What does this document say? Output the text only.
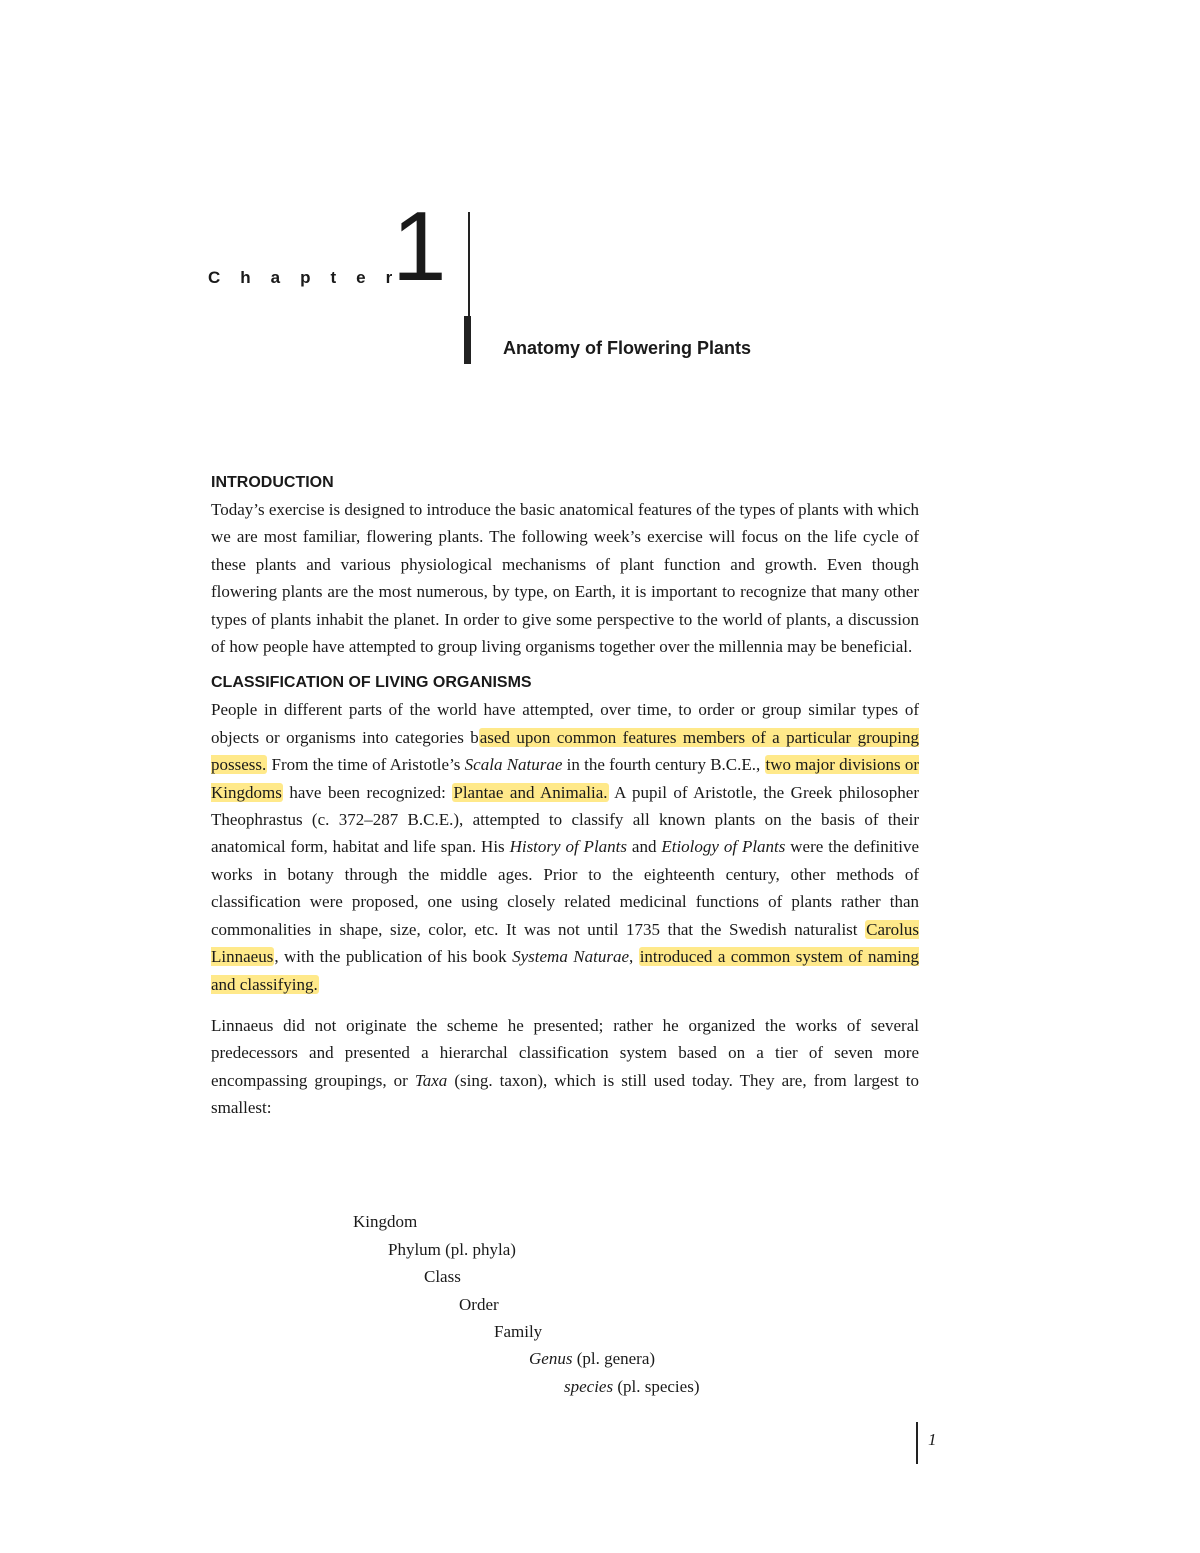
Chapter
1
Anatomy of Flowering Plants
INTRODUCTION

Today’s exercise is designed to introduce the basic anatomical features of the types of plants with which we are most familiar, flowering plants. The following week’s exercise will focus on the life cycle of these plants and various physiological mechanisms of plant function and growth. Even though flowering plants are the most numerous, by type, on Earth, it is important to recognize that many other types of plants inhabit the planet. In order to give some perspective to the world of plants, a discussion of how people have attempted to group living organisms together over the millennia may be beneficial.

CLASSIFICATION OF LIVING ORGANISMS

People in different parts of the world have attempted, over time, to order or group similar types of objects or organisms into categories based upon common features members of a particular grouping possess. From the time of Aristotle’s Scala Naturae in the fourth century B.C.E., two major divisions or Kingdoms have been recognized: Plantae and Animalia. A pupil of Aristotle, the Greek philosopher Theophrastus (c. 372–287 B.C.E.), attempted to classify all known plants on the basis of their anatomical form, habitat and life span. His History of Plants and Etiology of Plants were the definitive works in botany through the middle ages. Prior to the eighteenth century, other methods of classification were proposed, one using closely related medicinal functions of plants rather than commonalities in shape, size, color, etc. It was not until 1735 that the Swedish naturalist Carolus Linnaeus, with the publication of his book Systema Naturae, introduced a common system of naming and classifying.

Linnaeus did not originate the scheme he presented; rather he organized the works of several predecessors and presented a hierarchal classification system based on a tier of seven more encompassing groupings, or Taxa (sing. taxon), which is still used today. They are, from largest to smallest:

Kingdom
Phylum (pl. phyla)
Class
Order
Family
Genus (pl. genera)
species (pl. species)
1
